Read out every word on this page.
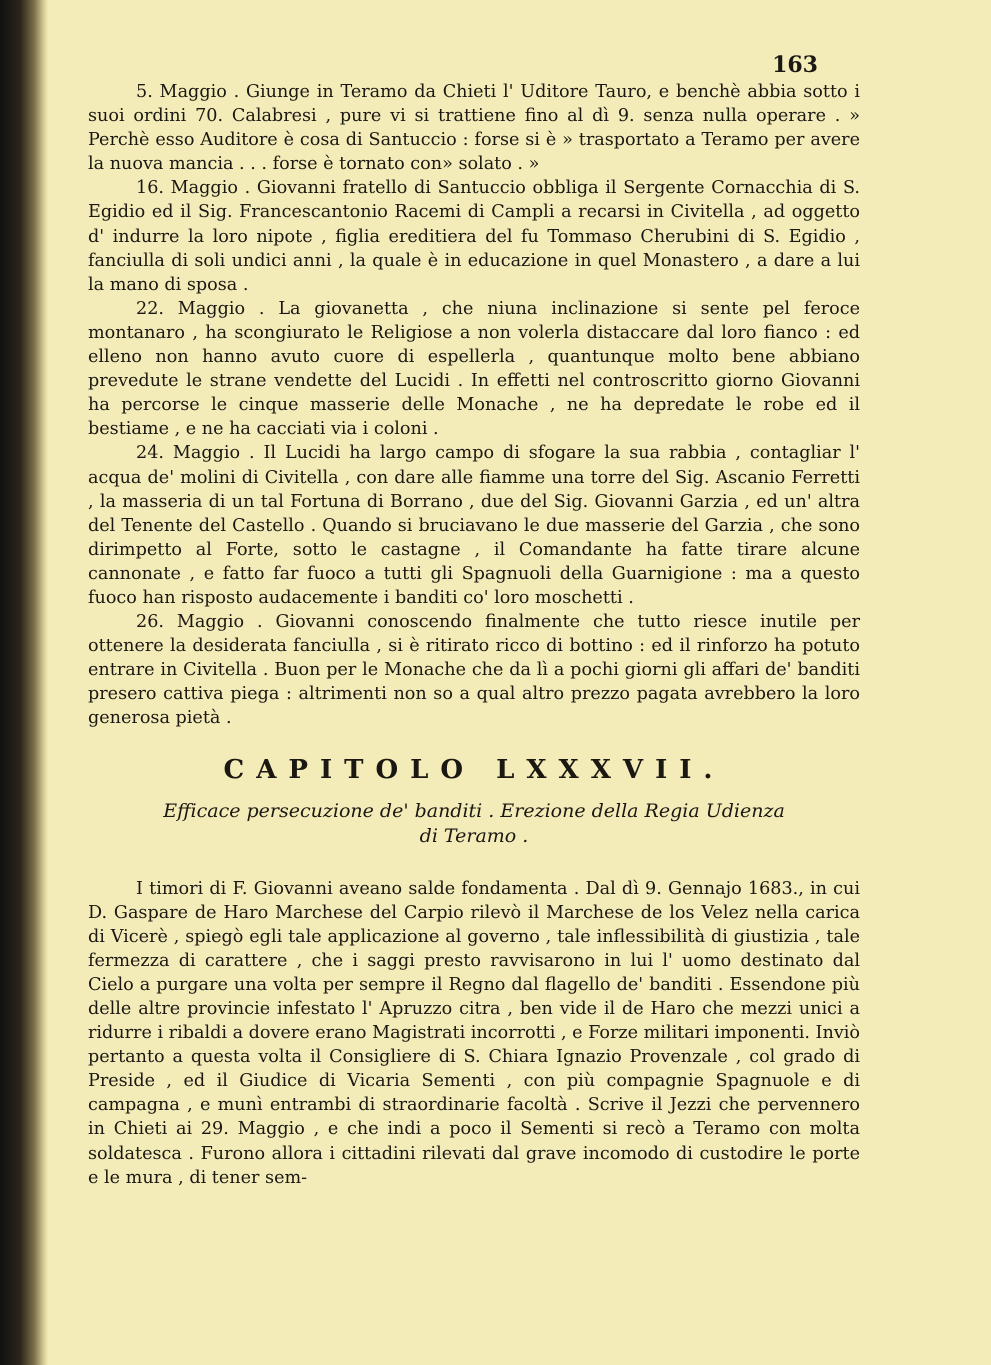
163

5. Maggio . Giunge in Teramo da Chieti l' Uditore Tauro, e benchè abbia sotto i suoi ordini 70. Calabresi , pure vi si trattiene fino al dì 9. senza nulla operare . » Perchè esso Auditore è cosa di Santuccio : forse si è » trasportato a Teramo per avere la nuova mancia . . . forse è tornato con» solato . »

16. Maggio . Giovanni fratello di Santuccio obbliga il Sergente Cornacchia di S. Egidio ed il Sig. Francescantonio Racemi di Campli a recarsi in Civitella , ad oggetto d' indurre la loro nipote , figlia ereditiera del fu Tommaso Cherubini di S. Egidio , fanciulla di soli undici anni , la quale è in educazione in quel Monastero , a dare a lui la mano di sposa .

22. Maggio . La giovanetta , che niuna inclinazione si sente pel feroce montanaro , ha scongiurato le Religiose a non volerla distaccare dal loro fianco : ed elleno non hanno avuto cuore di espellerla , quantunque molto bene abbiano prevedute le strane vendette del Lucidi . In effetti nel controscritto giorno Giovanni ha percorse le cinque masserie delle Monache , ne ha depredate le robe ed il bestiame , e ne ha cacciati via i coloni .

24. Maggio . Il Lucidi ha largo campo di sfogare la sua rabbia , contagliar l' acqua de' molini di Civitella , con dare alle fiamme una torre del Sig. Ascanio Ferretti , la masseria di un tal Fortuna di Borrano , due del Sig. Giovanni Garzia , ed un' altra del Tenente del Castello . Quando si bruciavano le due masserie del Garzia , che sono dirimpetto al Forte, sotto le castagne , il Comandante ha fatte tirare alcune cannonate , e fatto far fuoco a tutti gli Spagnuoli della Guarnigione : ma a questo fuoco han risposto audacemente i banditi co' loro moschetti .

26. Maggio . Giovanni conoscendo finalmente che tutto riesce inutile per ottenere la desiderata fanciulla , si è ritirato ricco di bottino : ed il rinforzo ha potuto entrare in Civitella . Buon per le Monache che da lì a pochi giorni gli affari de' banditi presero cattiva piega : altrimenti non so a qual altro prezzo pagata avrebbero la loro generosa pietà .

CAPITOLO LXXXVII.
Efficace persecuzione de' banditi . Erezione della Regia Udienza
di Teramo .

I timori di F. Giovanni aveano salde fondamenta . Dal dì 9. Gennajo 1683., in cui D. Gaspare de Haro Marchese del Carpio rilevò il Marchese de los Velez nella carica di Vicerè , spiegò egli tale applicazione al governo , tale inflessibilità di giustizia , tale fermezza di carattere , che i saggi presto ravvisarono in lui l' uomo destinato dal Cielo a purgare una volta per sempre il Regno dal flagello de' banditi . Essendone più delle altre provincie infestato l' Apruzzo citra , ben vide il de Haro che mezzi unici a ridurre i ribaldi a dovere erano Magistrati incorrotti , e Forze militari imponenti. Inviò pertanto a questa volta il Consigliere di S. Chiara Ignazio Provenzale , col grado di Preside , ed il Giudice di Vicaria Sementi , con più compagnie Spagnuole e di campagna , e munì entrambi di straordinarie facoltà . Scrive il Jezzi che pervennero in Chieti ai 29. Maggio , e che indi a poco il Sementi si recò a Teramo con molta soldatesca . Furono allora i cittadini rilevati dal grave incomodo di custodire le porte e le mura , di tener sem-
